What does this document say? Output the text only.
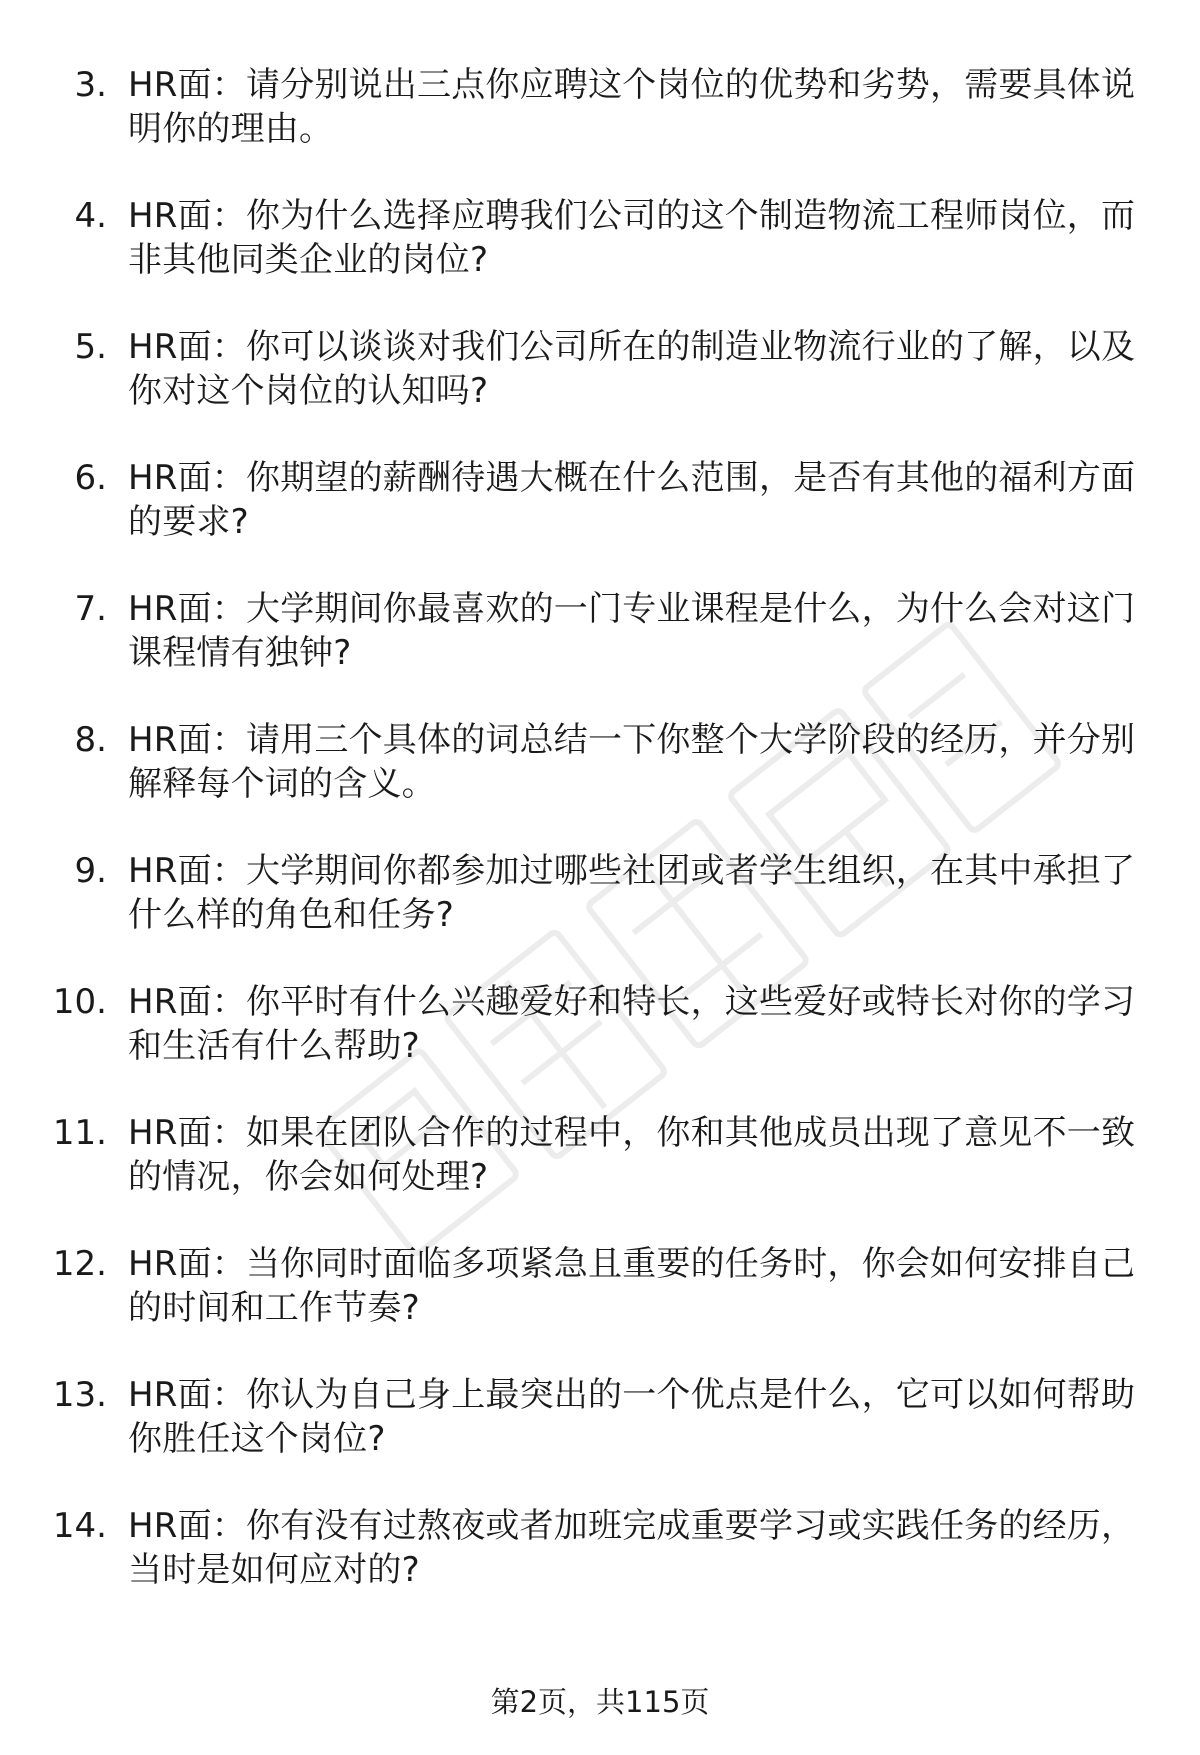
3. HR面：请分别说出三点你应聘这个岗位的优势和劣势，需要具体说明你的理由。
4. HR面：你为什么选择应聘我们公司的这个制造物流工程师岗位，而非其他同类企业的岗位?
5. HR面：你可以谈谈对我们公司所在的制造业物流行业的了解，以及你对这个岗位的认知吗?
6. HR面：你期望的薪酬待遇大概在什么范围，是否有其他的福利方面的要求?
7. HR面：大学期间你最喜欢的一门专业课程是什么，为什么会对这门课程情有独钟?
8. HR面：请用三个具体的词总结一下你整个大学阶段的经历，并分别解释每个词的含义。
9. HR面：大学期间你都参加过哪些社团或者学生组织，在其中承担了什么样的角色和任务?
10. HR面：你平时有什么兴趣爱好和特长，这些爱好或特长对你的学习和生活有什么帮助?
11. HR面：如果在团队合作的过程中，你和其他成员出现了意见不一致的情况，你会如何处理?
12. HR面：当你同时面临多项紧急且重要的任务时，你会如何安排自己的时间和工作节奏?
13. HR面：你认为自己身上最突出的一个优点是什么，它可以如何帮助你胜任这个岗位?
14. HR面：你有没有过熬夜或者加班完成重要学习或实践任务的经历，当时是如何应对的?
第2页，共115页
